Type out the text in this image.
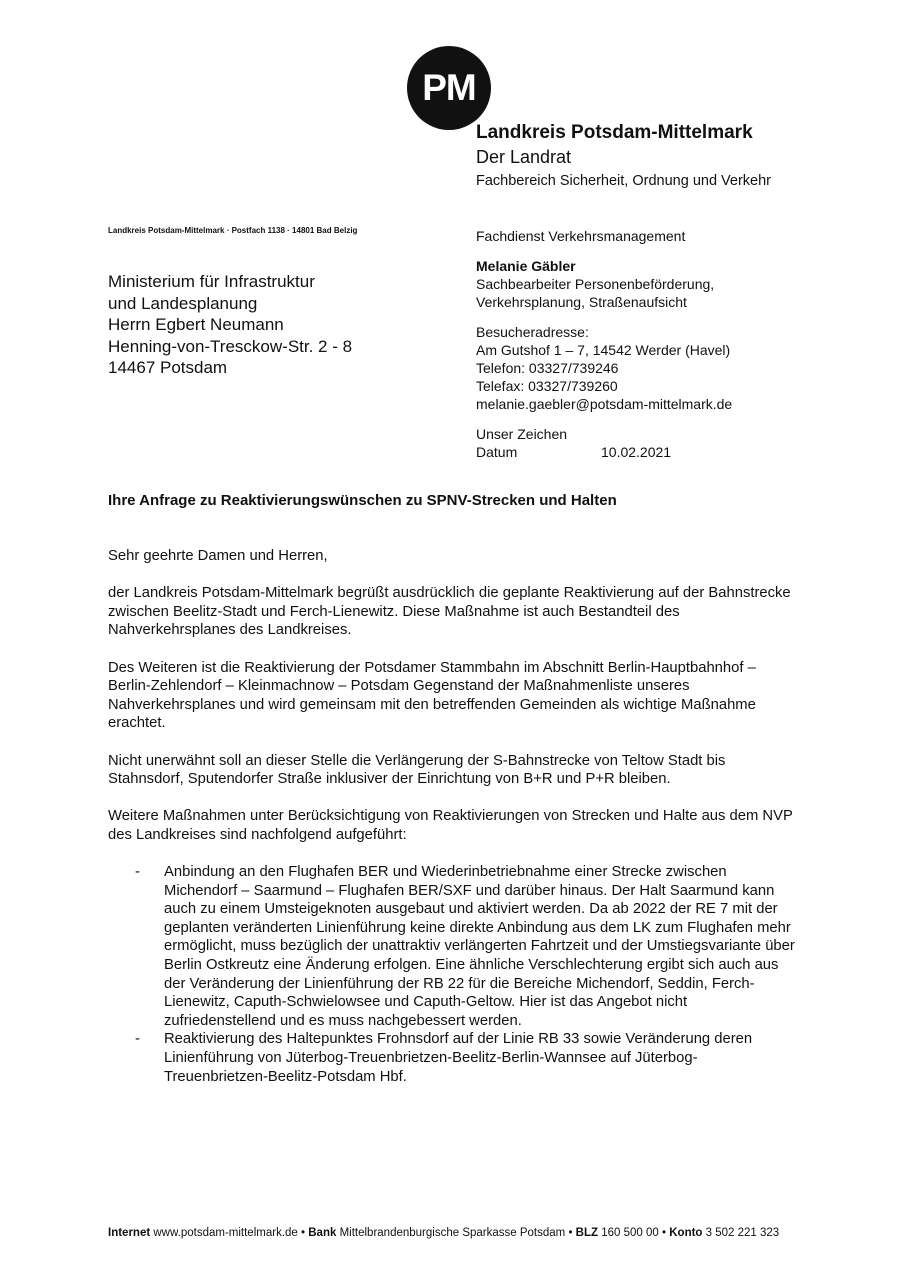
PM

Landkreis Potsdam-Mittelmark

Der Landrat

Fachbereich Sicherheit, Ordnung und Verkehr

Landkreis Potsdam-Mittelmark · Postfach 1138 · 14801 Bad Belzig	Fachdienst Verkehrsmanagement

Melanie Gäbler

Sachbearbeiter Personenbeförderung,

Verkehrsplanung, Straßenaufsicht

Besucheradresse:

Am Gutshof 1 – 7, 14542 Werder (Havel)

Telefon: 03327/739246

Telefax: 03327/739260

melanie.gaebler@potsdam-mittelmark.de

Unser Zeichen

Datum	10.02.2021

Ministerium für Infrastruktur

und Landesplanung

Herrn Egbert Neumann

Henning-von-Tresckow-Str. 2 - 8

14467 Potsdam

Ihre Anfrage zu Reaktivierungswünschen zu SPNV-Strecken und Halten

Sehr geehrte Damen und Herren,

der Landkreis Potsdam-Mittelmark begrüßt ausdrücklich die geplante Reaktivierung auf der Bahnstrecke zwischen Beelitz-Stadt und Ferch-Lienewitz. Diese Maßnahme ist auch Bestandteil des Nahverkehrsplanes des Landkreises.

Des Weiteren ist die Reaktivierung der Potsdamer Stammbahn im Abschnitt Berlin-Hauptbahnhof – Berlin-Zehlendorf – Kleinmachnow – Potsdam Gegenstand der Maßnahmenliste unseres Nahverkehrsplanes und wird gemeinsam mit den betreffenden Gemeinden als wichtige Maßnahme erachtet.

Nicht unerwähnt soll an dieser Stelle die Verlängerung der S-Bahnstrecke von Teltow Stadt bis Stahnsdorf, Sputendorfer Straße inklusiver der Einrichtung von B+R und P+R bleiben.

Weitere Maßnahmen unter Berücksichtigung von Reaktivierungen von Strecken und Halte aus dem NVP des Landkreises sind nachfolgend aufgeführt:

- Anbindung an den Flughafen BER und Wiederinbetriebnahme einer Strecke zwischen Michendorf – Saarmund – Flughafen BER/SXF und darüber hinaus. Der Halt Saarmund kann auch zu einem Umsteigeknoten ausgebaut und aktiviert werden. Da ab 2022 der RE 7 mit der geplanten veränderten Linienführung keine direkte Anbindung aus dem LK zum Flughafen mehr ermöglicht, muss bezüglich der unattraktiv verlängerten Fahrtzeit und der Umstiegsvariante über Berlin Ostkreutz eine Änderung erfolgen. Eine ähnliche Verschlechterung ergibt sich auch aus der Veränderung der Linienführung der RB 22 für die Bereiche Michendorf, Seddin, Ferch-Lienewitz, Caputh-Schwielowsee und Caputh-Geltow. Hier ist das Angebot nicht zufriedenstellend und es muss nachgebessert werden.
- Reaktivierung des Haltepunktes Frohnsdorf auf der Linie RB 33 sowie Veränderung deren Linienführung von Jüterbog-Treuenbrietzen-Beelitz-Berlin-Wannsee auf Jüterbog-Treuenbrietzen-Beelitz-Potsdam Hbf.
Internet www.potsdam-mittelmark.de • Bank Mittelbrandenburgische Sparkasse Potsdam • BLZ 160 500 00 • Konto 3 502 221 323
